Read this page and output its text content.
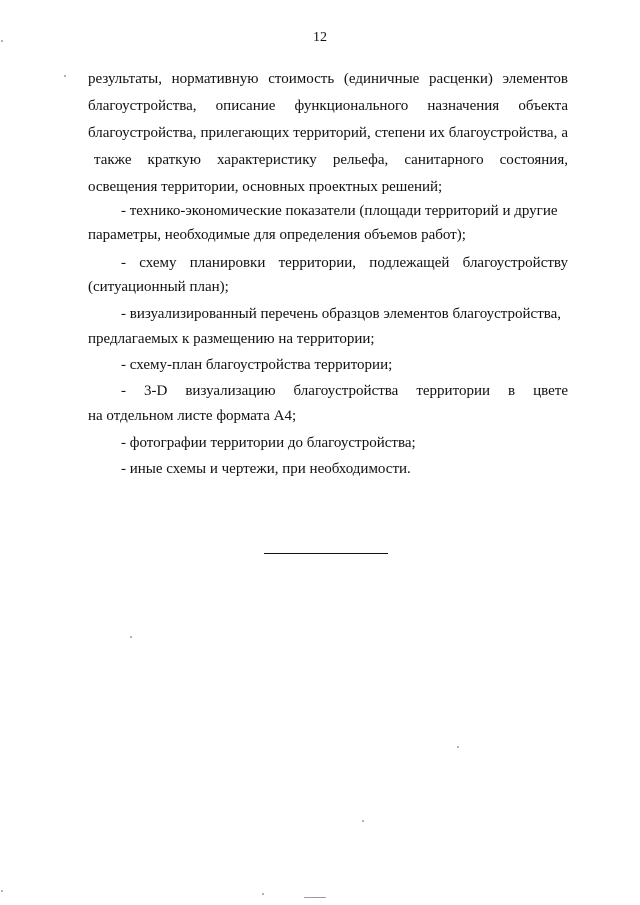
12
результаты, нормативную стоимость (единичные расценки) элементов
благоустройства, описание функционального назначения объекта
благоустройства, прилегающих территорий, степени их благоустройства, а
также краткую характеристику рельефа, санитарного состояния,
освещения территории, основных проектных решений;
- технико-экономические показатели (площади территорий и другие
параметры, необходимые для определения объемов работ);
- схему планировки территории, подлежащей благоустройству
(ситуационный план);
- визуализированный перечень образцов элементов благоустройства,
предлагаемых к размещению на территории;
- схему-план благоустройства территории;
- 3-D визуализацию благоустройства территории в цвете
на отдельном листе формата А4;
- фотографии территории до благоустройства;
- иные схемы и чертежи, при необходимости.
